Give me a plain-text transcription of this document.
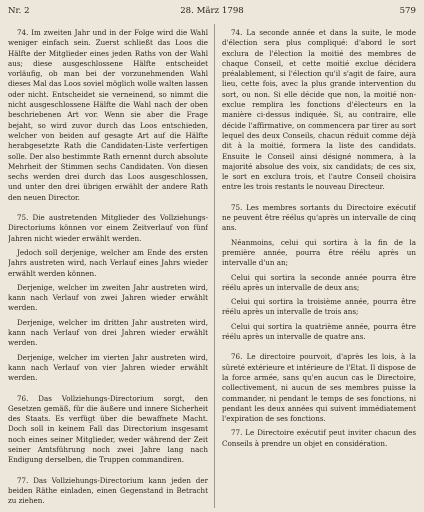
Nr. 2	28. März 1798	579

74. Im zweiten Jahr und in der Folge wird die Wahl weniger einfach sein. Zuerst schließt das Loos die Hälfte der Mitglieder eines jeden Raths von der Wahl aus; diese ausgeschlossene Hälfte entscheidet vorläufig, ob man bei der vorzunehmenden Wahl dieses Mal das Loos soviel möglich wolle walten lassen oder nicht. Entscheidet sie verneinend, so nimmt die nicht ausgeschlossene Hälfte die Wahl nach der oben beschriebenen Art vor. Wenn sie aber die Frage bejaht, so wird zuvor durch das Loos entschieden, welcher von beiden auf gesagte Art auf die Hälfte herabgesetzte Rath die Candidaten-Liste verfertigen solle. Der also bestimmte Rath ernennt durch absolute Mehrheit der Stimmen sechs Candidaten. Von diesen sechs werden drei durch das Loos ausgeschlossen, und unter den drei übrigen erwählt der andere Rath den neuen Director.

75. Die austretenden Mitglieder des Vollziehungs-Directoriums können vor einem Zeitverlauf von fünf Jahren nicht wieder erwählt werden.

Jedoch soll derjenige, welcher am Ende des ersten Jahrs austreten wird, nach Verlauf eines Jahrs wieder erwählt werden können.

Derjenige, welcher im zweiten Jahr austreten wird, kann nach Verlauf von zwei Jahren wieder erwählt werden.

Derjenige, welcher im dritten Jahr austreten wird, kann nach Verlauf von drei Jahren wieder erwählt werden.

Derjenige, welcher im vierten Jahr austreten wird, kann nach Verlauf von vier Jahren wieder erwählt werden.

76. Das Vollziehungs-Directorium sorgt, den Gesetzen gemäß, für die äußere und innere Sicherheit des Staats. Es verfügt über die bewaffnete Macht. Doch soll in keinem Fall das Directorium insgesamt noch eines seiner Mitglieder, weder während der Zeit seiner Amtsführung noch zwei Jahre lang nach Endigung derselben, die Truppen commandiren.

77. Das Vollziehungs-Directorium kann jeden der beiden Räthe einladen, einen Gegenstand in Betracht zu ziehen.

74. La seconde année et dans la suite, le mode d'élection sera plus compliqué: d'abord le sort exclura de l'élection la moitié des membres de chaque Conseil, et cette moitié exclue décidera préalablement, si l'élection qu'il s'agit de faire, aura lieu, cette fois, avec la plus grande intervention du sort, ou non. Si elle décide que non, la moitié non-exclue remplira les fonctions d'électeurs en la manière ci-dessus indiquée. Si, au contraire, elle décide l'affirmative, on commencera par tirer au sort lequel des deux Conseils, chacun réduit comme déjà dit à la moitié, formera la liste des candidats. Ensuite le Conseil ainsi désigné nommera, à la majorité absolue des voix, six candidats; de ces six, le sort en exclura trois, et l'autre Conseil choisira entre les trois restants le nouveau Directeur.

75. Les membres sortants du Directoire exécutif ne peuvent être réélus qu'après un intervalle de cinq ans.

Néanmoins, celui qui sortira à la fin de la première année, pourra être réélu après un intervalle d'un an;

Celui qui sortira la seconde année pourra être réélu après un intervalle de deux ans;

Celui qui sortira la troisième année, pourra être réélu après un intervalle de trois ans;

Celui qui sortira la quatrième année, pourra être réélu après un intervalle de quatre ans.

76. Le directoire pourvoit, d'après les lois, à la sûreté extérieure et intérieure de l'Etat. Il dispose de la force armée, sans qu'en aucun cas le Directoire, collectivement, ni aucun de ses membres puisse la commander, ni pendant le temps de ses fonctions, ni pendant les deux années qui suivent immédiatement l'expiration de ses fonctions.

77. Le Directoire exécutif peut inviter chacun des Conseils à prendre un objet en considération.
